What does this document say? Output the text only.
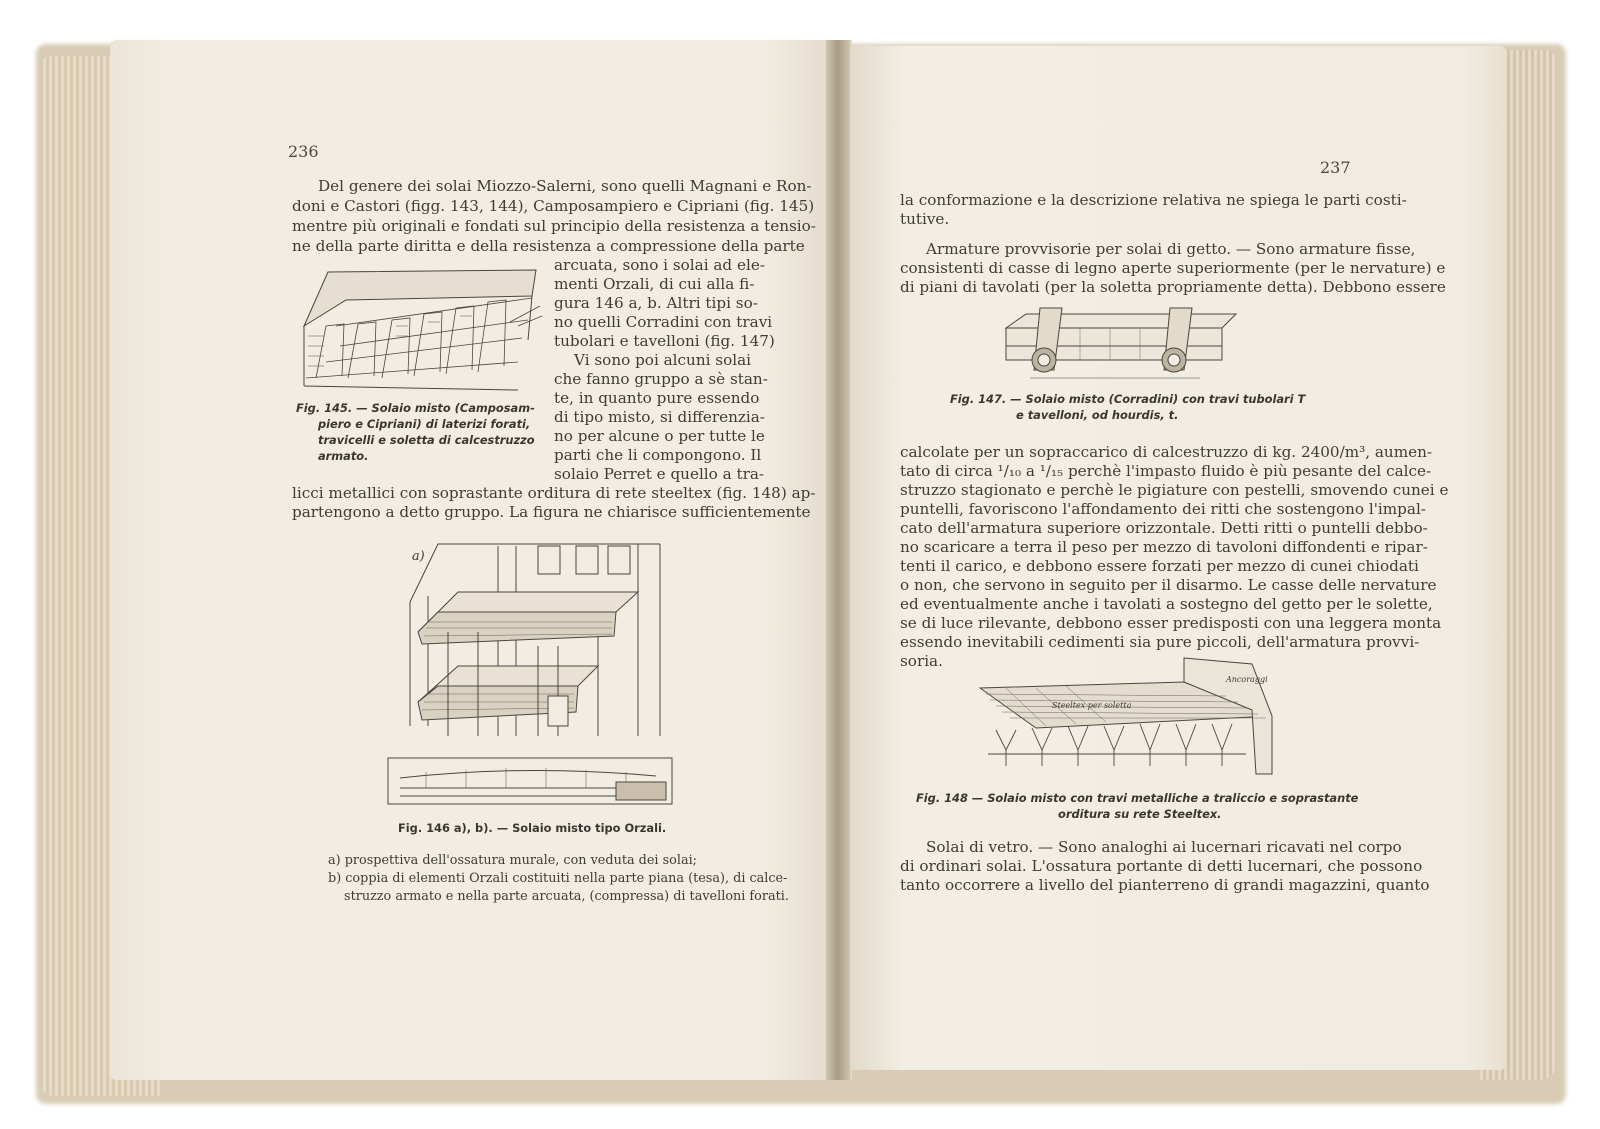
236
Del genere dei solai Miozzo-Salerni, sono quelli Magnani e Ron-
doni e Castori (figg. 143, 144), Camposampiero e Cipriani (fig. 145)
mentre più originali e fondati sul principio della resistenza a tensio-
ne della parte diritta e della resistenza a compressione della parte
arcuata, sono i solai ad ele-
menti Orzali, di cui alla fi-
gura 146 a, b. Altri tipi so-
no quelli Corradini con travi
tubolari e tavelloni (fig. 147)
Vi sono poi alcuni solai
che fanno gruppo a sè stan-
te, in quanto pure essendo
di tipo misto, si differenzia-
no per alcune o per tutte le
parti che li compongono. Il
solaio Perret e quello a tra-
Fig. 145. — Solaio misto (Camposam-
piero e Cipriani) di laterizi forati,
travicelli e soletta di calcestruzzo
armato.
licci metallici con soprastante orditura di rete steeltex (fig. 148) ap-
partengono a detto gruppo. La figura ne chiarisce sufficientemente
a)
Fig. 146 a), b). — Solaio misto tipo Orzali.
a) prospettiva dell'ossatura murale, con veduta dei solai;
b) coppia di elementi Orzali costituiti nella parte piana (tesa), di calce-
struzzo armato e nella parte arcuata, (compressa) di tavelloni forati.
237
la conformazione e la descrizione relativa ne spiega le parti costi-
tutive.
Armature provvisorie per solai di getto. — Sono armature fisse,
consistenti di casse di legno aperte superiormente (per le nervature) e
di piani di tavolati (per la soletta propriamente detta). Debbono essere
Fig. 147. — Solaio misto (Corradini) con travi tubolari T
e tavelloni, od hourdis, t.
calcolate per un sopraccarico di calcestruzzo di kg. 2400/m³, aumen-
tato di circa ¹/₁₀ a ¹/₁₅ perchè l'impasto fluido è più pesante del calce-
struzzo stagionato e perchè le pigiature con pestelli, smovendo cunei e
puntelli, favoriscono l'affondamento dei ritti che sostengono l'impal-
cato dell'armatura superiore orizzontale. Detti ritti o puntelli debbo-
no scaricare a terra il peso per mezzo di tavoloni diffondenti e ripar-
tenti il carico, e debbono essere forzati per mezzo di cunei chiodati
o non, che servono in seguito per il disarmo. Le casse delle nervature
ed eventualmente anche i tavolati a sostegno del getto per le solette,
se di luce rilevante, debbono esser predisposti con una leggera monta
essendo inevitabili cedimenti sia pure piccoli, dell'armatura provvi-
soria.
Ancoraggi
Steeltex per soletta
Fig. 148 — Solaio misto con travi metalliche a traliccio e soprastante
orditura su rete Steeltex.
Solai di vetro. — Sono analoghi ai lucernari ricavati nel corpo
di ordinari solai. L'ossatura portante di detti lucernari, che possono
tanto occorrere a livello del pianterreno di grandi magazzini, quanto
